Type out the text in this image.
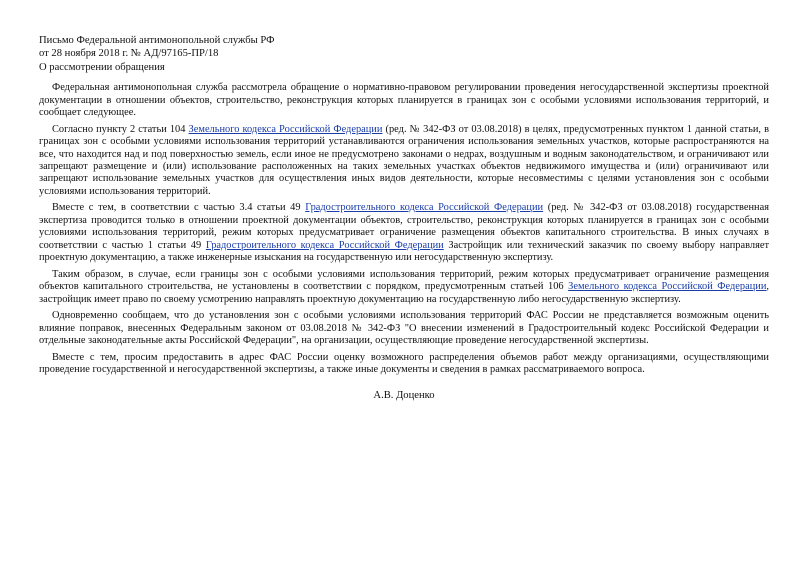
Письмо Федеральной антимонопольной службы РФ
от 28 ноября 2018 г. № АД/97165-ПР/18
О рассмотрении обращения

Федеральная антимонопольная служба рассмотрела обращение о нормативно-правовом регулировании проведения негосударственной экспертизы проектной документации в отношении объектов, строительство, реконструкция которых планируется в границах зон с особыми условиями использования территорий, и сообщает следующее.

Согласно пункту 2 статьи 104 Земельного кодекса Российской Федерации (ред. № 342-ФЗ от 03.08.2018) в целях, предусмотренных пунктом 1 данной статьи, в границах зон с особыми условиями использования территорий устанавливаются ограничения использования земельных участков, которые распространяются на все, что находится над и под поверхностью земель, если иное не предусмотрено законами о недрах, воздушным и водным законодательством, и ограничивают или запрещают размещение и (или) использование расположенных на таких земельных участках объектов недвижимого имущества и (или) ограничивают или запрещают использование земельных участков для осуществления иных видов деятельности, которые несовместимы с целями установления зон с особыми условиями использования территорий.

Вместе с тем, в соответствии с частью 3.4 статьи 49 Градостроительного кодекса Российской Федерации (ред. № 342-ФЗ от 03.08.2018) государственная экспертиза проводится только в отношении проектной документации объектов, строительство, реконструкция которых планируется в границах зон с особыми условиями использования территорий, режим которых предусматривает ограничение размещения объектов капитального строительства. В иных случаях в соответствии с частью 1 статьи 49 Градостроительного кодекса Российской Федерации Застройщик или технический заказчик по своему выбору направляет проектную документацию, а также инженерные изыскания на государственную или негосударственную экспертизу.

Таким образом, в случае, если границы зон с особыми условиями использования территорий, режим которых предусматривает ограничение размещения объектов капитального строительства, не установлены в соответствии с порядком, предусмотренным статьей 106 Земельного кодекса Российской Федерации, застройщик имеет право по своему усмотрению направлять проектную документацию на государственную либо негосударственную экспертизу.

Одновременно сообщаем, что до установления зон с особыми условиями использования территорий ФАС России не представляется возможным оценить влияние поправок, внесенных Федеральным законом от 03.08.2018 № 342-ФЗ "О внесении изменений в Градостроительный кодекс Российской Федерации и отдельные законодательные акты Российской Федерации", на организации, осуществляющие проведение негосударственной экспертизы.

Вместе с тем, просим предоставить в адрес ФАС России оценку возможного распределения объемов работ между организациями, осуществляющими проведение государственной и негосударственной экспертизы, а также иные документы и сведения в рамках рассматриваемого вопроса.

А.В. Доценко
